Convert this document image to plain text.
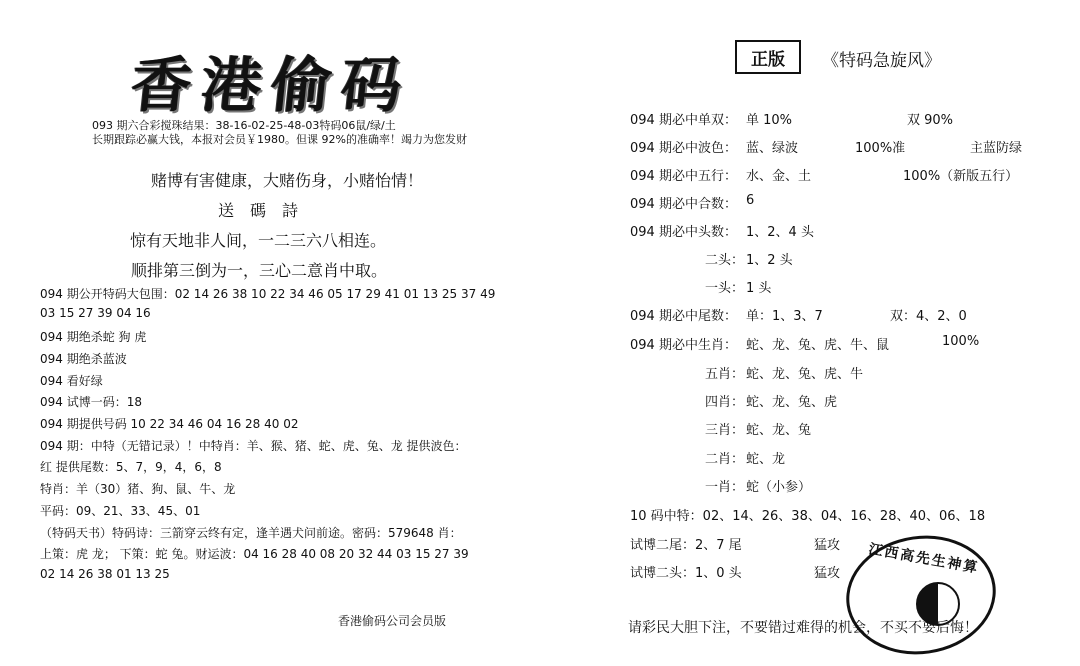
香港偷码
093 期六合彩搅珠结果：38-16-02-25-48-03特码06鼠/绿/土
长期跟踪必赢大钱，本报对会员￥1980。但课 92%的准确率！竭力为您发财
赌博有害健康，大赌伤身，小赌怡情！
送　碼　詩
惊有天地非人间，一二三六八相连。
顺排第三倒为一，三心二意肖中取。
094 期公开特码大包围：02 14 26 38 10 22 34 46 05 17 29 41 01 13 25 37 49
03 15 27 39 04 16
094 期绝杀蛇 狗 虎
094 期绝杀蓝波
094 看好绿
094 试博一码：18
094 期提供号码 10 22 34 46 04 16 28 40 02
094 期：中特（无错记录）！中特肖：羊、猴、猪、蛇、虎、兔、龙 提供波色：
红 提供尾数：5、7，9，4，6，8
特肖：羊（30）猪、狗、鼠、牛、龙
平码：09、21、33、45、01
（特码天书）特码诗：三箭穿云终有定，逢羊遇犬问前途。密码：579648 肖：
上策：虎 龙； 下策：蛇 兔。财运波：04 16 28 40 08 20 32 44 03 15 27 39
02 14 26 38 01 13 25
香港偷码公司会员版
正版	《特码急旋风》
094 期必中单双： 单 10%	双 90%
094 期必中波色： 蓝、绿波	100%准	主蓝防绿
094 期必中五行： 水、金、土	100%（新版五行）
094 期必中合数： 6
094 期必中头数： 1、2、4 头
二头： 1、2 头
一头： 1 头
094 期必中尾数： 单：1、3、7	双：4、2、0
094 期必中生肖： 蛇、龙、兔、虎、牛、鼠	100%
五肖： 蛇、龙、兔、虎、牛
四肖： 蛇、龙、兔、虎
三肖： 蛇、龙、兔
二肖： 蛇、龙
一肖： 蛇（小参）
10 码中特：02、14、26、38、04、16、28、40、06、18
试博二尾：2、7 尾	猛攻
试博二头：1、0 头	猛攻 江西高先生神算
请彩民大胆下注，不要错过难得的机会，不买不要后悔！
